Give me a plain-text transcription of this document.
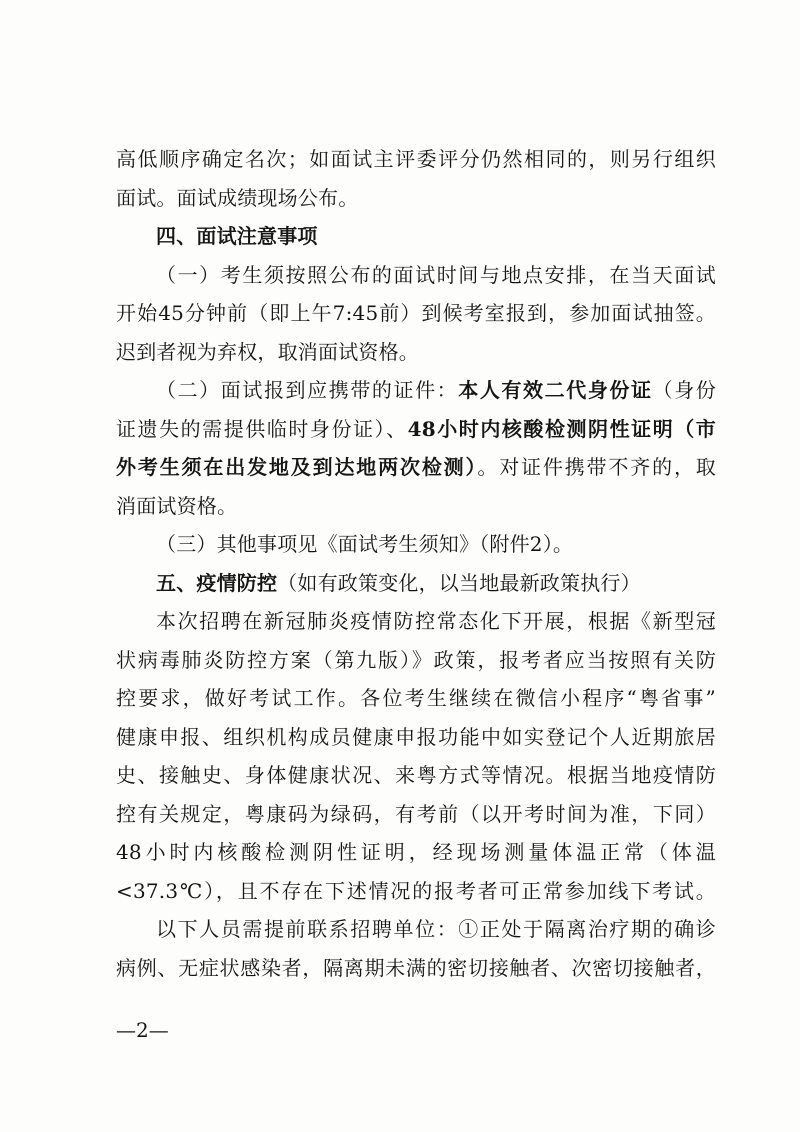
高低顺序确定名次；如面试主评委评分仍然相同的，则另行组织
面试。面试成绩现场公布。
四、面试注意事项
（一）考生须按照公布的面试时间与地点安排，在当天面试
开始45分钟前（即上午7:45前）到候考室报到，参加面试抽签。
迟到者视为弃权，取消面试资格。
（二）面试报到应携带的证件：本人有效二代身份证（身份
证遗失的需提供临时身份证）、48小时内核酸检测阴性证明（市
外考生须在出发地及到达地两次检测）。对证件携带不齐的，取
消面试资格。
（三）其他事项见《面试考生须知》（附件2）。
五、疫情防控（如有政策变化，以当地最新政策执行）
本次招聘在新冠肺炎疫情防控常态化下开展，根据《新型冠
状病毒肺炎防控方案（第九版）》政策，报考者应当按照有关防
控要求，做好考试工作。各位考生继续在微信小程序“粤省事”
健康申报、组织机构成员健康申报功能中如实登记个人近期旅居
史、接触史、身体健康状况、来粤方式等情况。根据当地疫情防
控有关规定，粤康码为绿码，有考前（以开考时间为准，下同）
48小时内核酸检测阴性证明，经现场测量体温正常（体温
<37.3℃），且不存在下述情况的报考者可正常参加线下考试。
以下人员需提前联系招聘单位：①正处于隔离治疗期的确诊
病例、无症状感染者，隔离期未满的密切接触者、次密切接触者，
—2—
